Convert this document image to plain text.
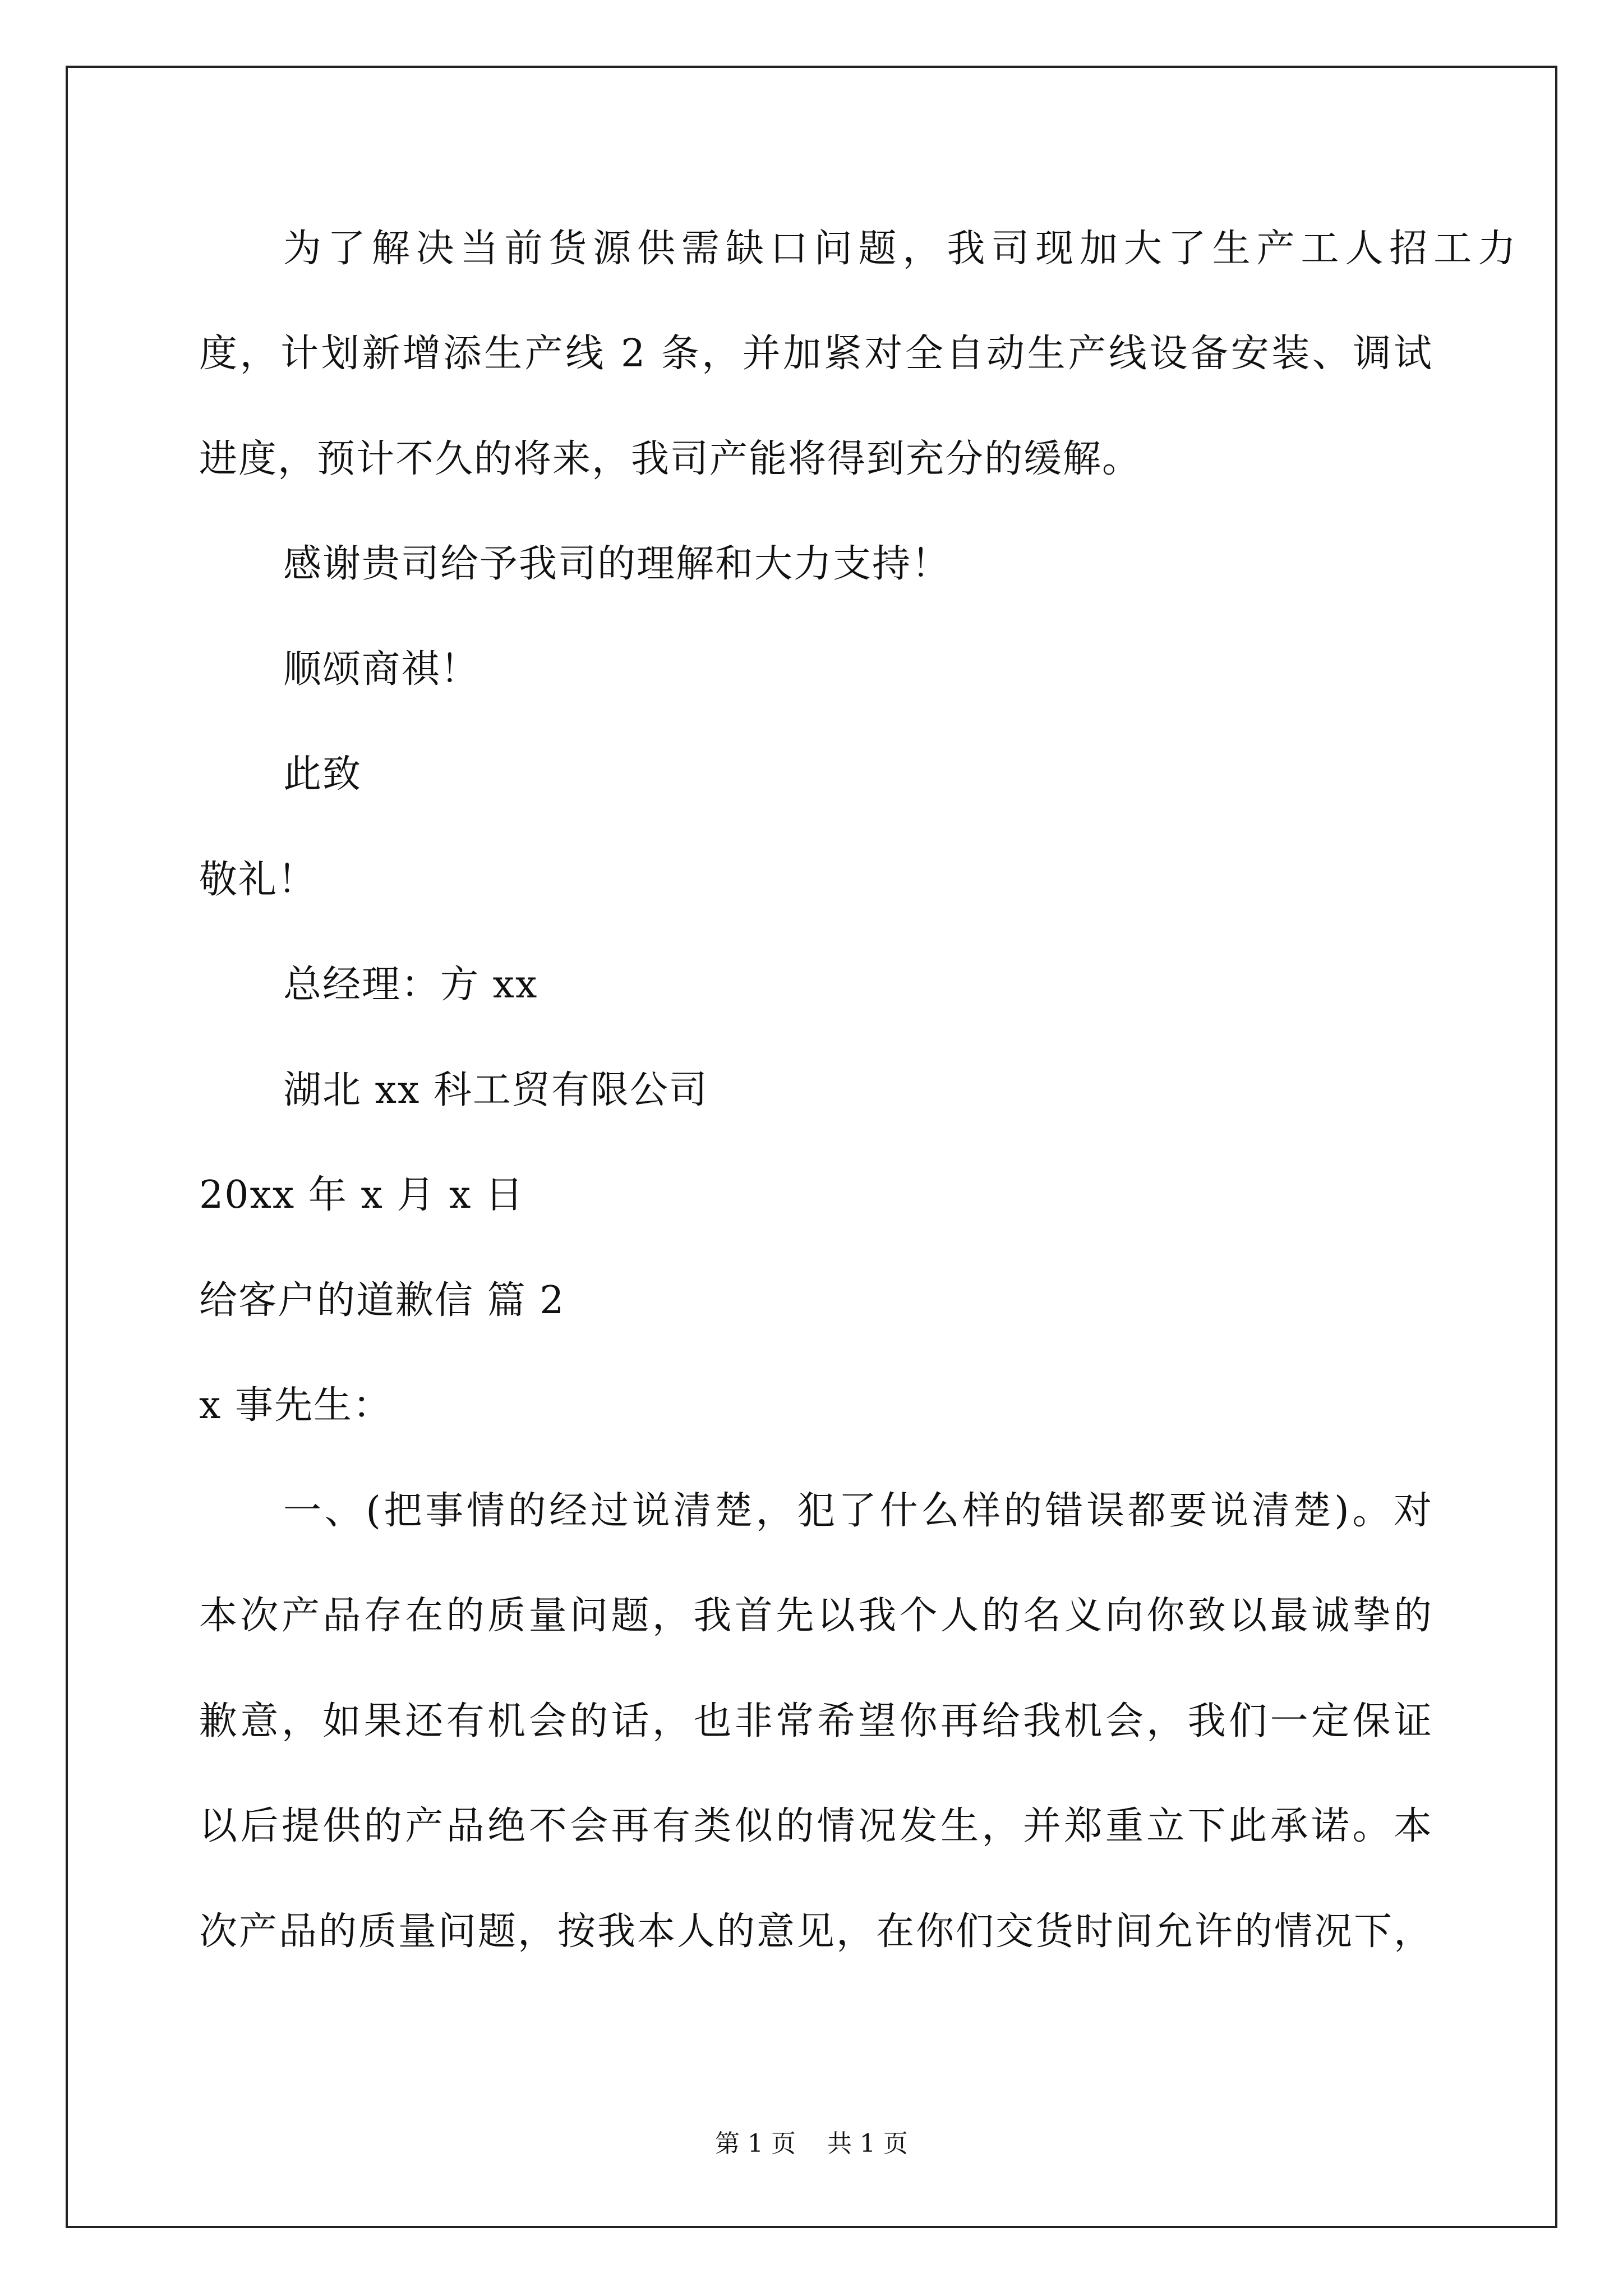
为了解决当前货源供需缺口问题，我司现加大了生产工人招工力
度，计划新增添生产线 2 条，并加紧对全自动生产线设备安装、调试
进度，预计不久的将来，我司产能将得到充分的缓解。
感谢贵司给予我司的理解和大力支持！
顺颂商祺！
此致
敬礼！
总经理：方 xx
湖北 xx 科工贸有限公司
20xx 年 x 月 x 日
给客户的道歉信 篇 2
x 事先生：
一、(把事情的经过说清楚，犯了什么样的错误都要说清楚)。对
本次产品存在的质量问题，我首先以我个人的名义向你致以最诚挚的
歉意，如果还有机会的话，也非常希望你再给我机会，我们一定保证
以后提供的产品绝不会再有类似的情况发生，并郑重立下此承诺。本
次产品的质量问题，按我本人的意见，在你们交货时间允许的情况下，
第 1 页    共 1 页
